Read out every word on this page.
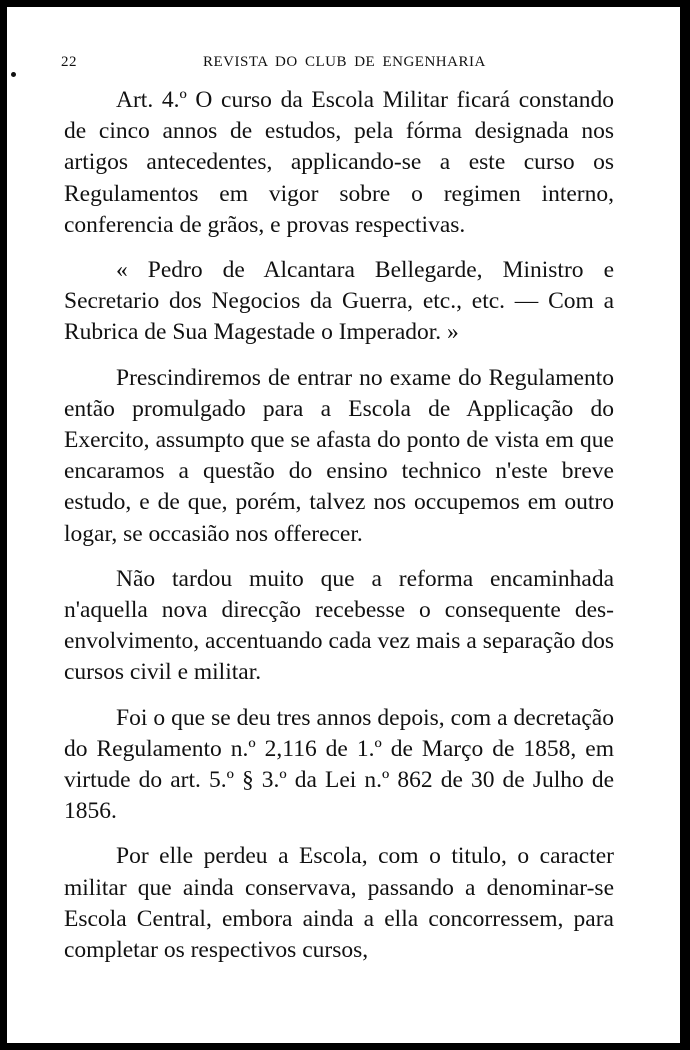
22	REVISTA DO CLUB DE ENGENHARIA

Art. 4.º O curso da Escola Militar ficará constando de cinco annos de estudos, pela fórma designada nos artigos antecedentes, applicando-se a este curso os Regulamentos em vigor sobre o regimen interno, conferencia de grãos, e provas respectivas.

« Pedro de Alcantara Bellegarde, Ministro e Secretario dos Negocios da Guerra, etc., etc. — Com a Rubrica de Sua Magestade o Imperador. »

Prescindiremos de entrar no exame do Regulamento então promulgado para a Escola de Applicação do Exercito, assumpto que se afasta do ponto de vista em que encaramos a questão do ensino technico n'este breve estudo, e de que, porém, talvez nos occupemos em outro logar, se occasião nos offerecer.

Não tardou muito que a reforma encaminhada n'aquella nova direcção recebesse o consequente desenvolvimento, accentuando cada vez mais a separação dos cursos civil e militar.

Foi o que se deu tres annos depois, com a decretação do Regulamento n.º 2,116 de 1.º de Março de 1858, em virtude do art. 5.º § 3.º da Lei n.º 862 de 30 de Julho de 1856.

Por elle perdeu a Escola, com o titulo, o caracter militar que ainda conservava, passando a denominar-se Escola Central, embora ainda a ella concorressem, para completar os respectivos cursos,
